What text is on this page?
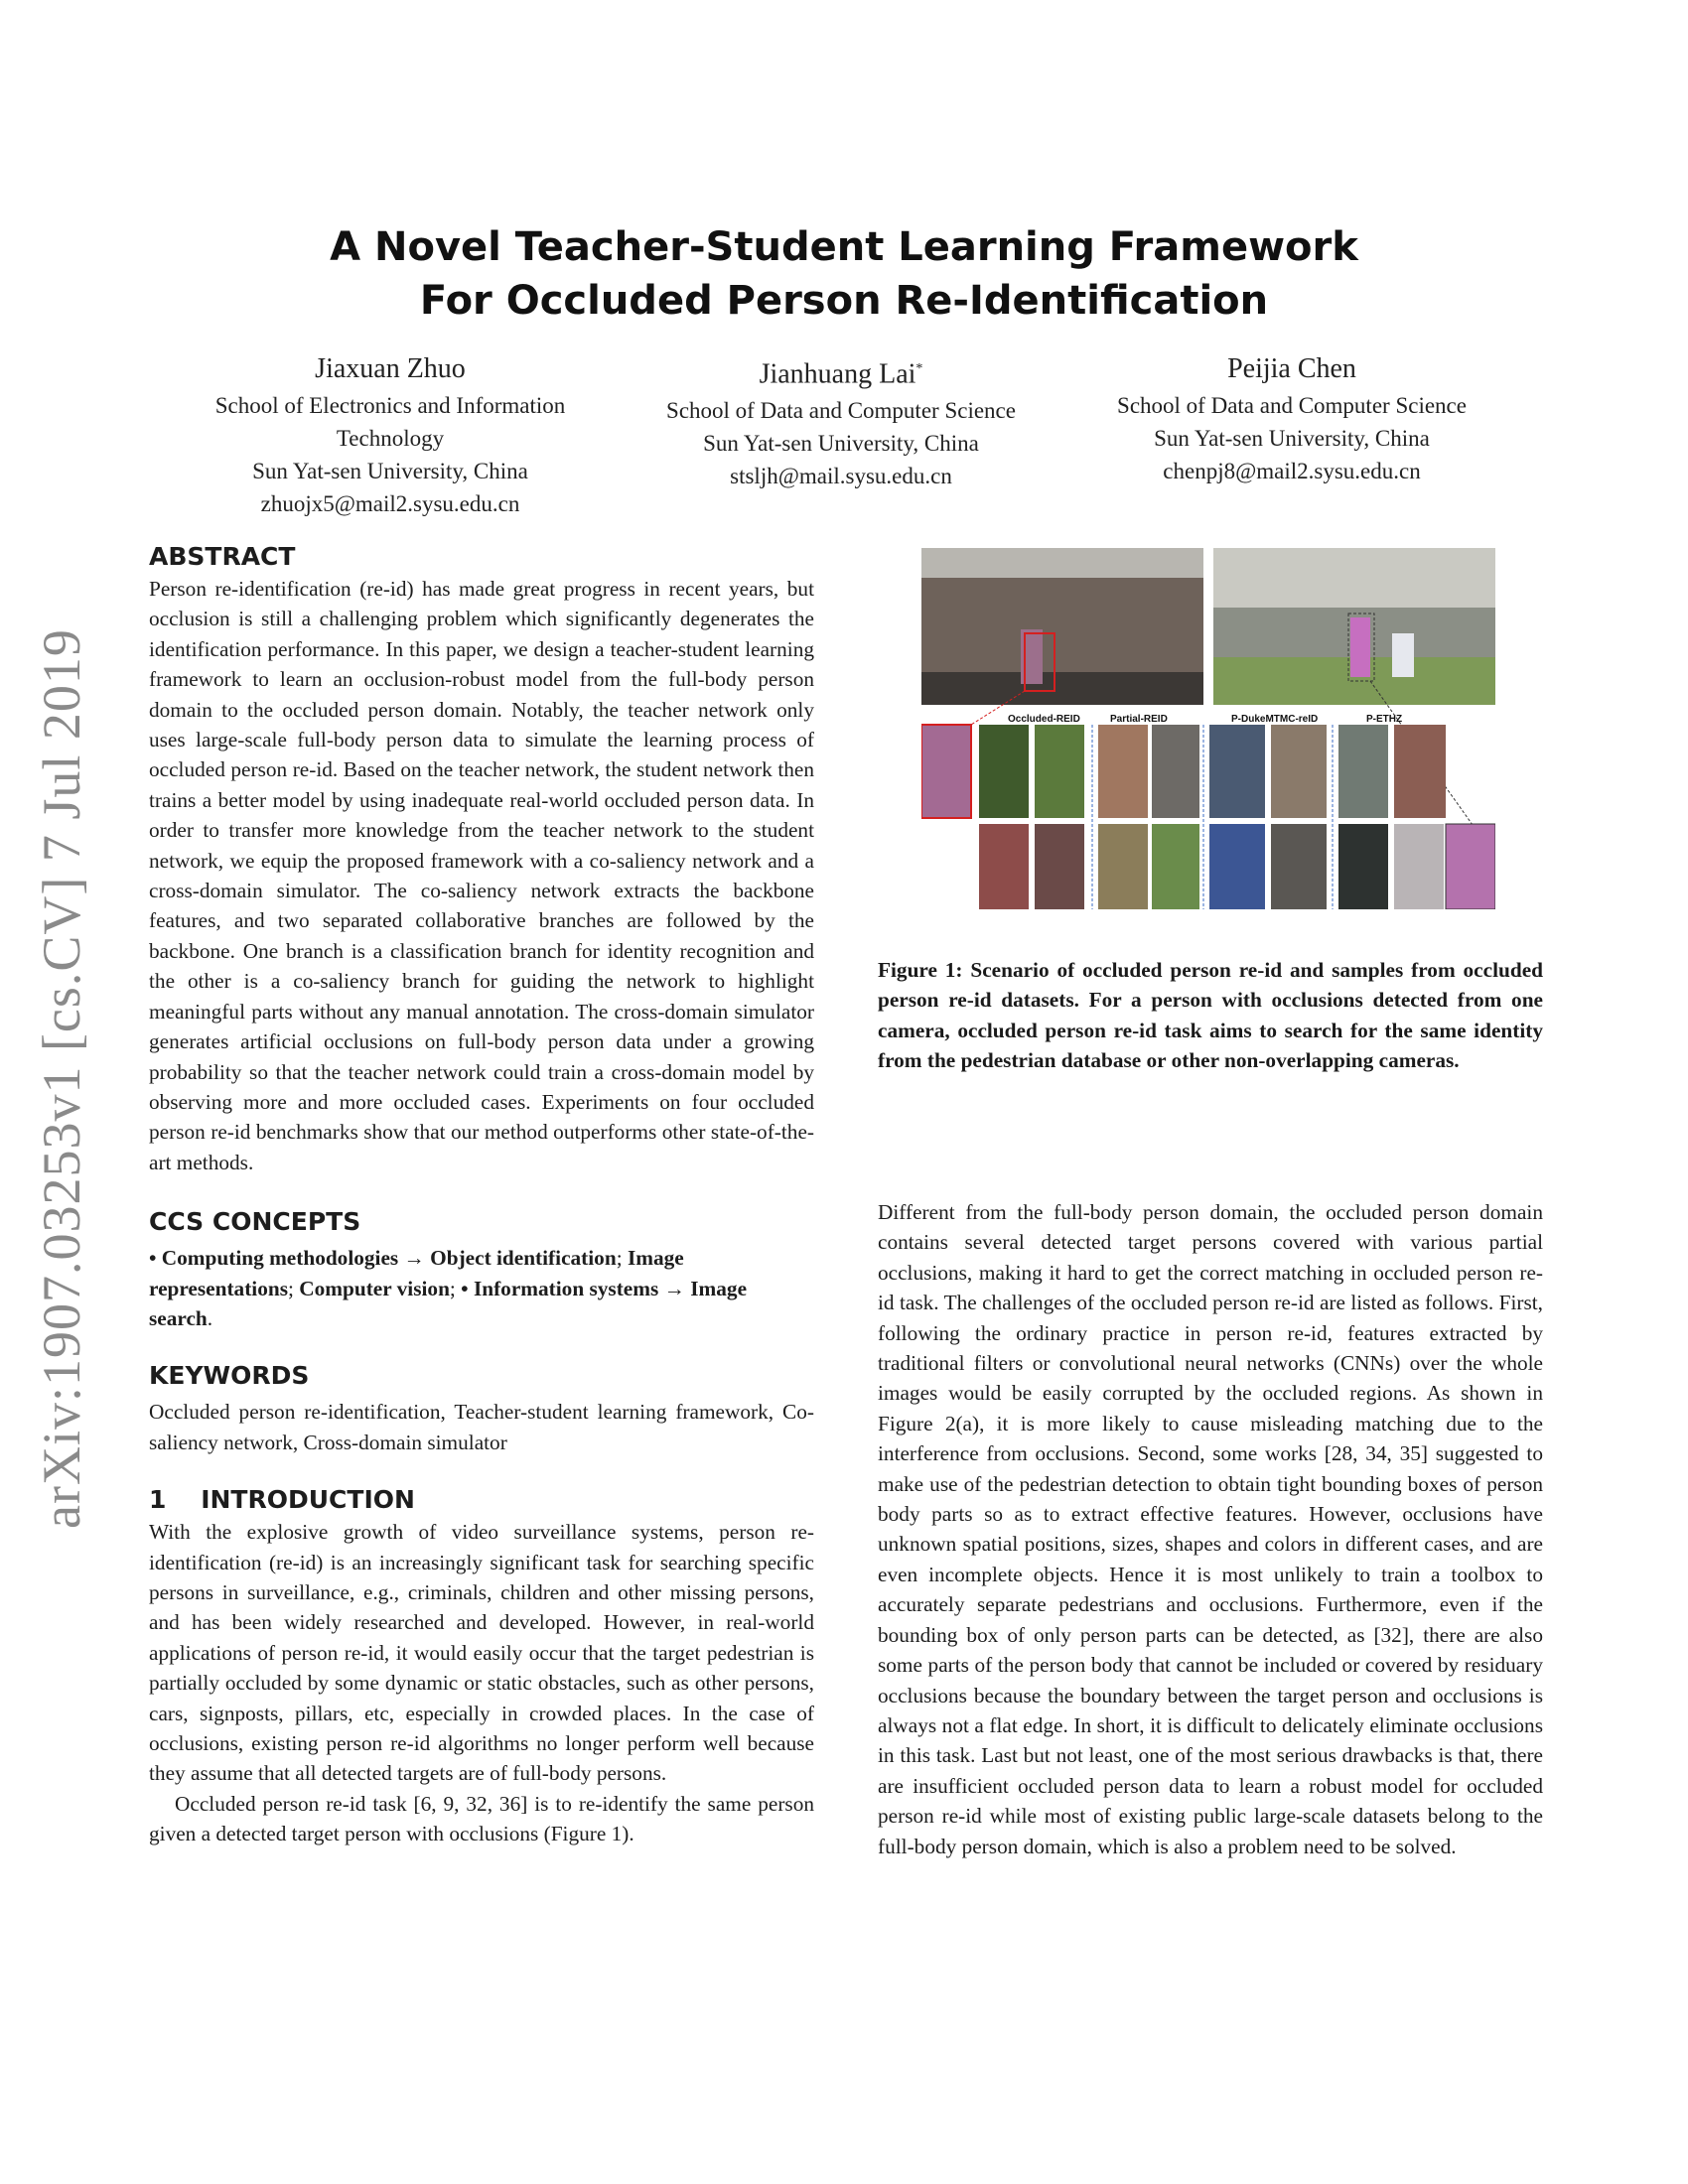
arXiv:1907.03253v1 [cs.CV] 7 Jul 2019
A Novel Teacher-Student Learning Framework
For Occluded Person Re-Identification
Jiaxuan Zhuo
School of Electronics and Information
Technology
Sun Yat-sen University, China
zhuojx5@mail2.sysu.edu.cn
Jianhuang Lai*
School of Data and Computer Science
Sun Yat-sen University, China
stsljh@mail.sysu.edu.cn
Peijia Chen
School of Data and Computer Science
Sun Yat-sen University, China
chenpj8@mail2.sysu.edu.cn
ABSTRACT

Person re-identification (re-id) has made great progress in recent years, but occlusion is still a challenging problem which significantly degenerates the identification performance. In this paper, we design a teacher-student learning framework to learn an occlusion-robust model from the full-body person domain to the occluded person domain. Notably, the teacher network only uses large-scale full-body person data to simulate the learning process of occluded person re-id. Based on the teacher network, the student network then trains a better model by using inadequate real-world occluded person data. In order to transfer more knowledge from the teacher network to the student network, we equip the proposed framework with a co-saliency network and a cross-domain simulator. The co-saliency network extracts the backbone features, and two separated collaborative branches are followed by the backbone. One branch is a classification branch for identity recognition and the other is a co-saliency branch for guiding the network to highlight meaningful parts without any manual annotation. The cross-domain simulator generates artificial occlusions on full-body person data under a growing probability so that the teacher network could train a cross-domain model by observing more and more occluded cases. Experiments on four occluded person re-id benchmarks show that our method outperforms other state-of-the-art methods.

CCS CONCEPTS

• Computing methodologies → Object identification; Image representations; Computer vision; • Information systems → Image search.

KEYWORDS

Occluded person re-identification, Teacher-student learning framework, Co-saliency network, Cross-domain simulator

1    INTRODUCTION

With the explosive growth of video surveillance systems, person re-identification (re-id) is an increasingly significant task for searching specific persons in surveillance, e.g., criminals, children and other missing persons, and has been widely researched and developed. However, in real-world applications of person re-id, it would easily occur that the target pedestrian is partially occluded by some dynamic or static obstacles, such as other persons, cars, signposts, pillars, etc, especially in crowded places. In the case of occlusions, existing person re-id algorithms no longer perform well because they assume that all detected targets are of full-body persons.

Occluded person re-id task [6, 9, 32, 36] is to re-identify the same person given a detected target person with occlusions (Figure 1).

Occluded-REID	Partial-REID	P-DukeMTMC-reID	P-ETHZ
Figure 1: Scenario of occluded person re-id and samples from occluded person re-id datasets. For a person with occlusions detected from one camera, occluded person re-id task aims to search for the same identity from the pedestrian database or other non-overlapping cameras.

Different from the full-body person domain, the occluded person domain contains several detected target persons covered with various partial occlusions, making it hard to get the correct matching in occluded person re-id task. The challenges of the occluded person re-id are listed as follows. First, following the ordinary practice in person re-id, features extracted by traditional filters or convolutional neural networks (CNNs) over the whole images would be easily corrupted by the occluded regions. As shown in Figure 2(a), it is more likely to cause misleading matching due to the interference from occlusions. Second, some works [28, 34, 35] suggested to make use of the pedestrian detection to obtain tight bounding boxes of person body parts so as to extract effective features. However, occlusions have unknown spatial positions, sizes, shapes and colors in different cases, and are even incomplete objects. Hence it is most unlikely to train a toolbox to accurately separate pedestrians and occlusions. Furthermore, even if the bounding box of only person parts can be detected, as [32], there are also some parts of the person body that cannot be included or covered by residuary occlusions because the boundary between the target person and occlusions is always not a flat edge. In short, it is difficult to delicately eliminate occlusions in this task. Last but not least, one of the most serious drawbacks is that, there are insufficient occluded person data to learn a robust model for occluded person re-id while most of existing public large-scale datasets belong to the full-body person domain, which is also a problem need to be solved.
